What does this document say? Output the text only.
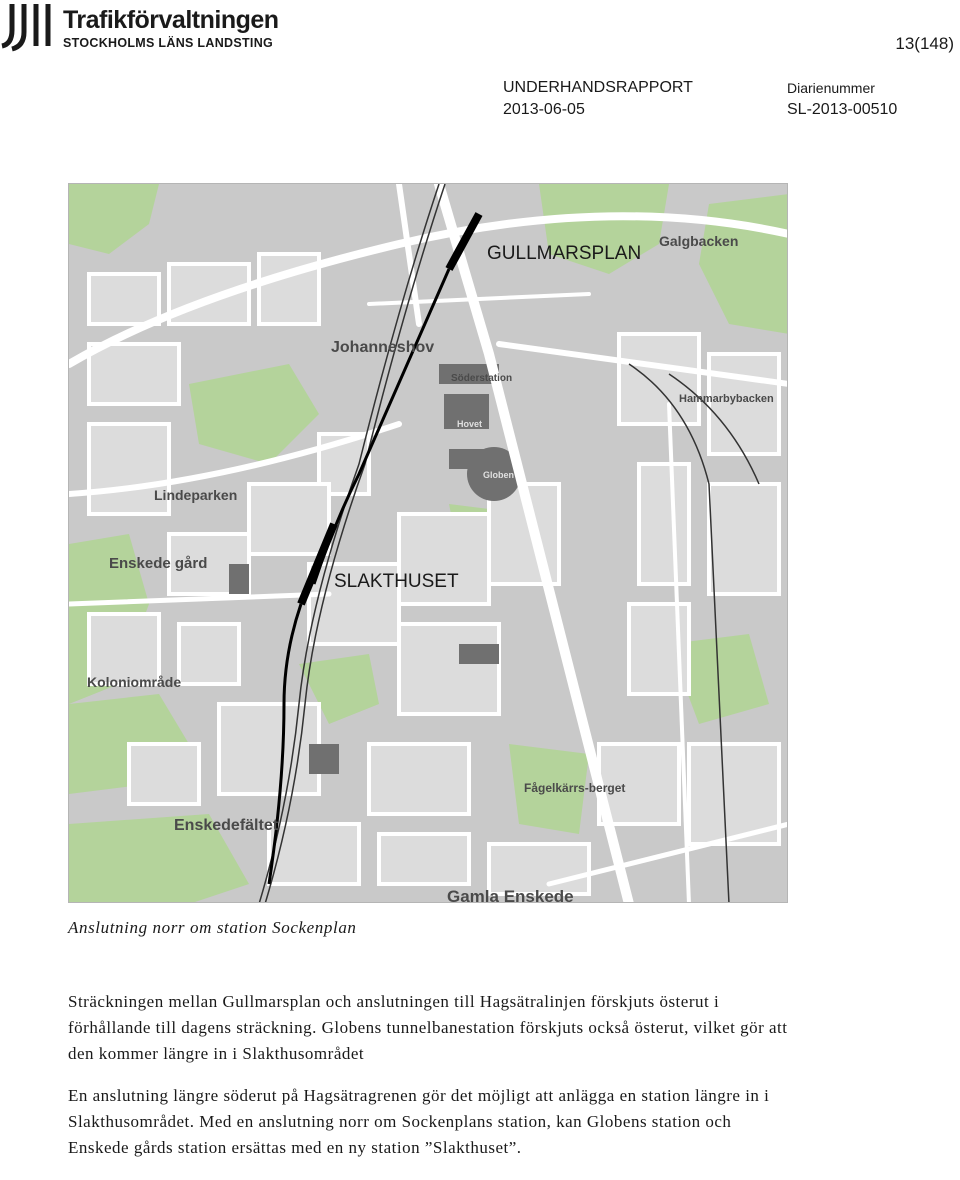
Trafikförvaltningen
STOCKHOLMS LÄNS LANDSTING	13(148)
UNDERHANDSRAPPORT
2013-06-05
Diarienummer
SL-2013-00510
GULLMARSPLAN
SLAKTHUSET
Johanneshov
Lindeparken
Enskede gård
Koloniområde
Enskedefältet
Gamla Enskede
Fågelkärrs-berget
Hammarbybacken
Galgbacken
Globen
Söderstation
Hovet
Anslutning norr om station Sockenplan
Sträckningen mellan Gullmarsplan och anslutningen till Hagsätralinjen förskjuts österut i förhållande till dagens sträckning. Globens tunnelbanestation förskjuts också österut, vilket gör att den kommer längre in i Slakthusområdet
En anslutning längre söderut på Hagsätragrenen gör det möjligt att anlägga en station längre in i Slakthusområdet. Med en anslutning norr om Sockenplans station, kan Globens station och Enskede gårds station ersättas med en ny station ”Slakthuset”.
